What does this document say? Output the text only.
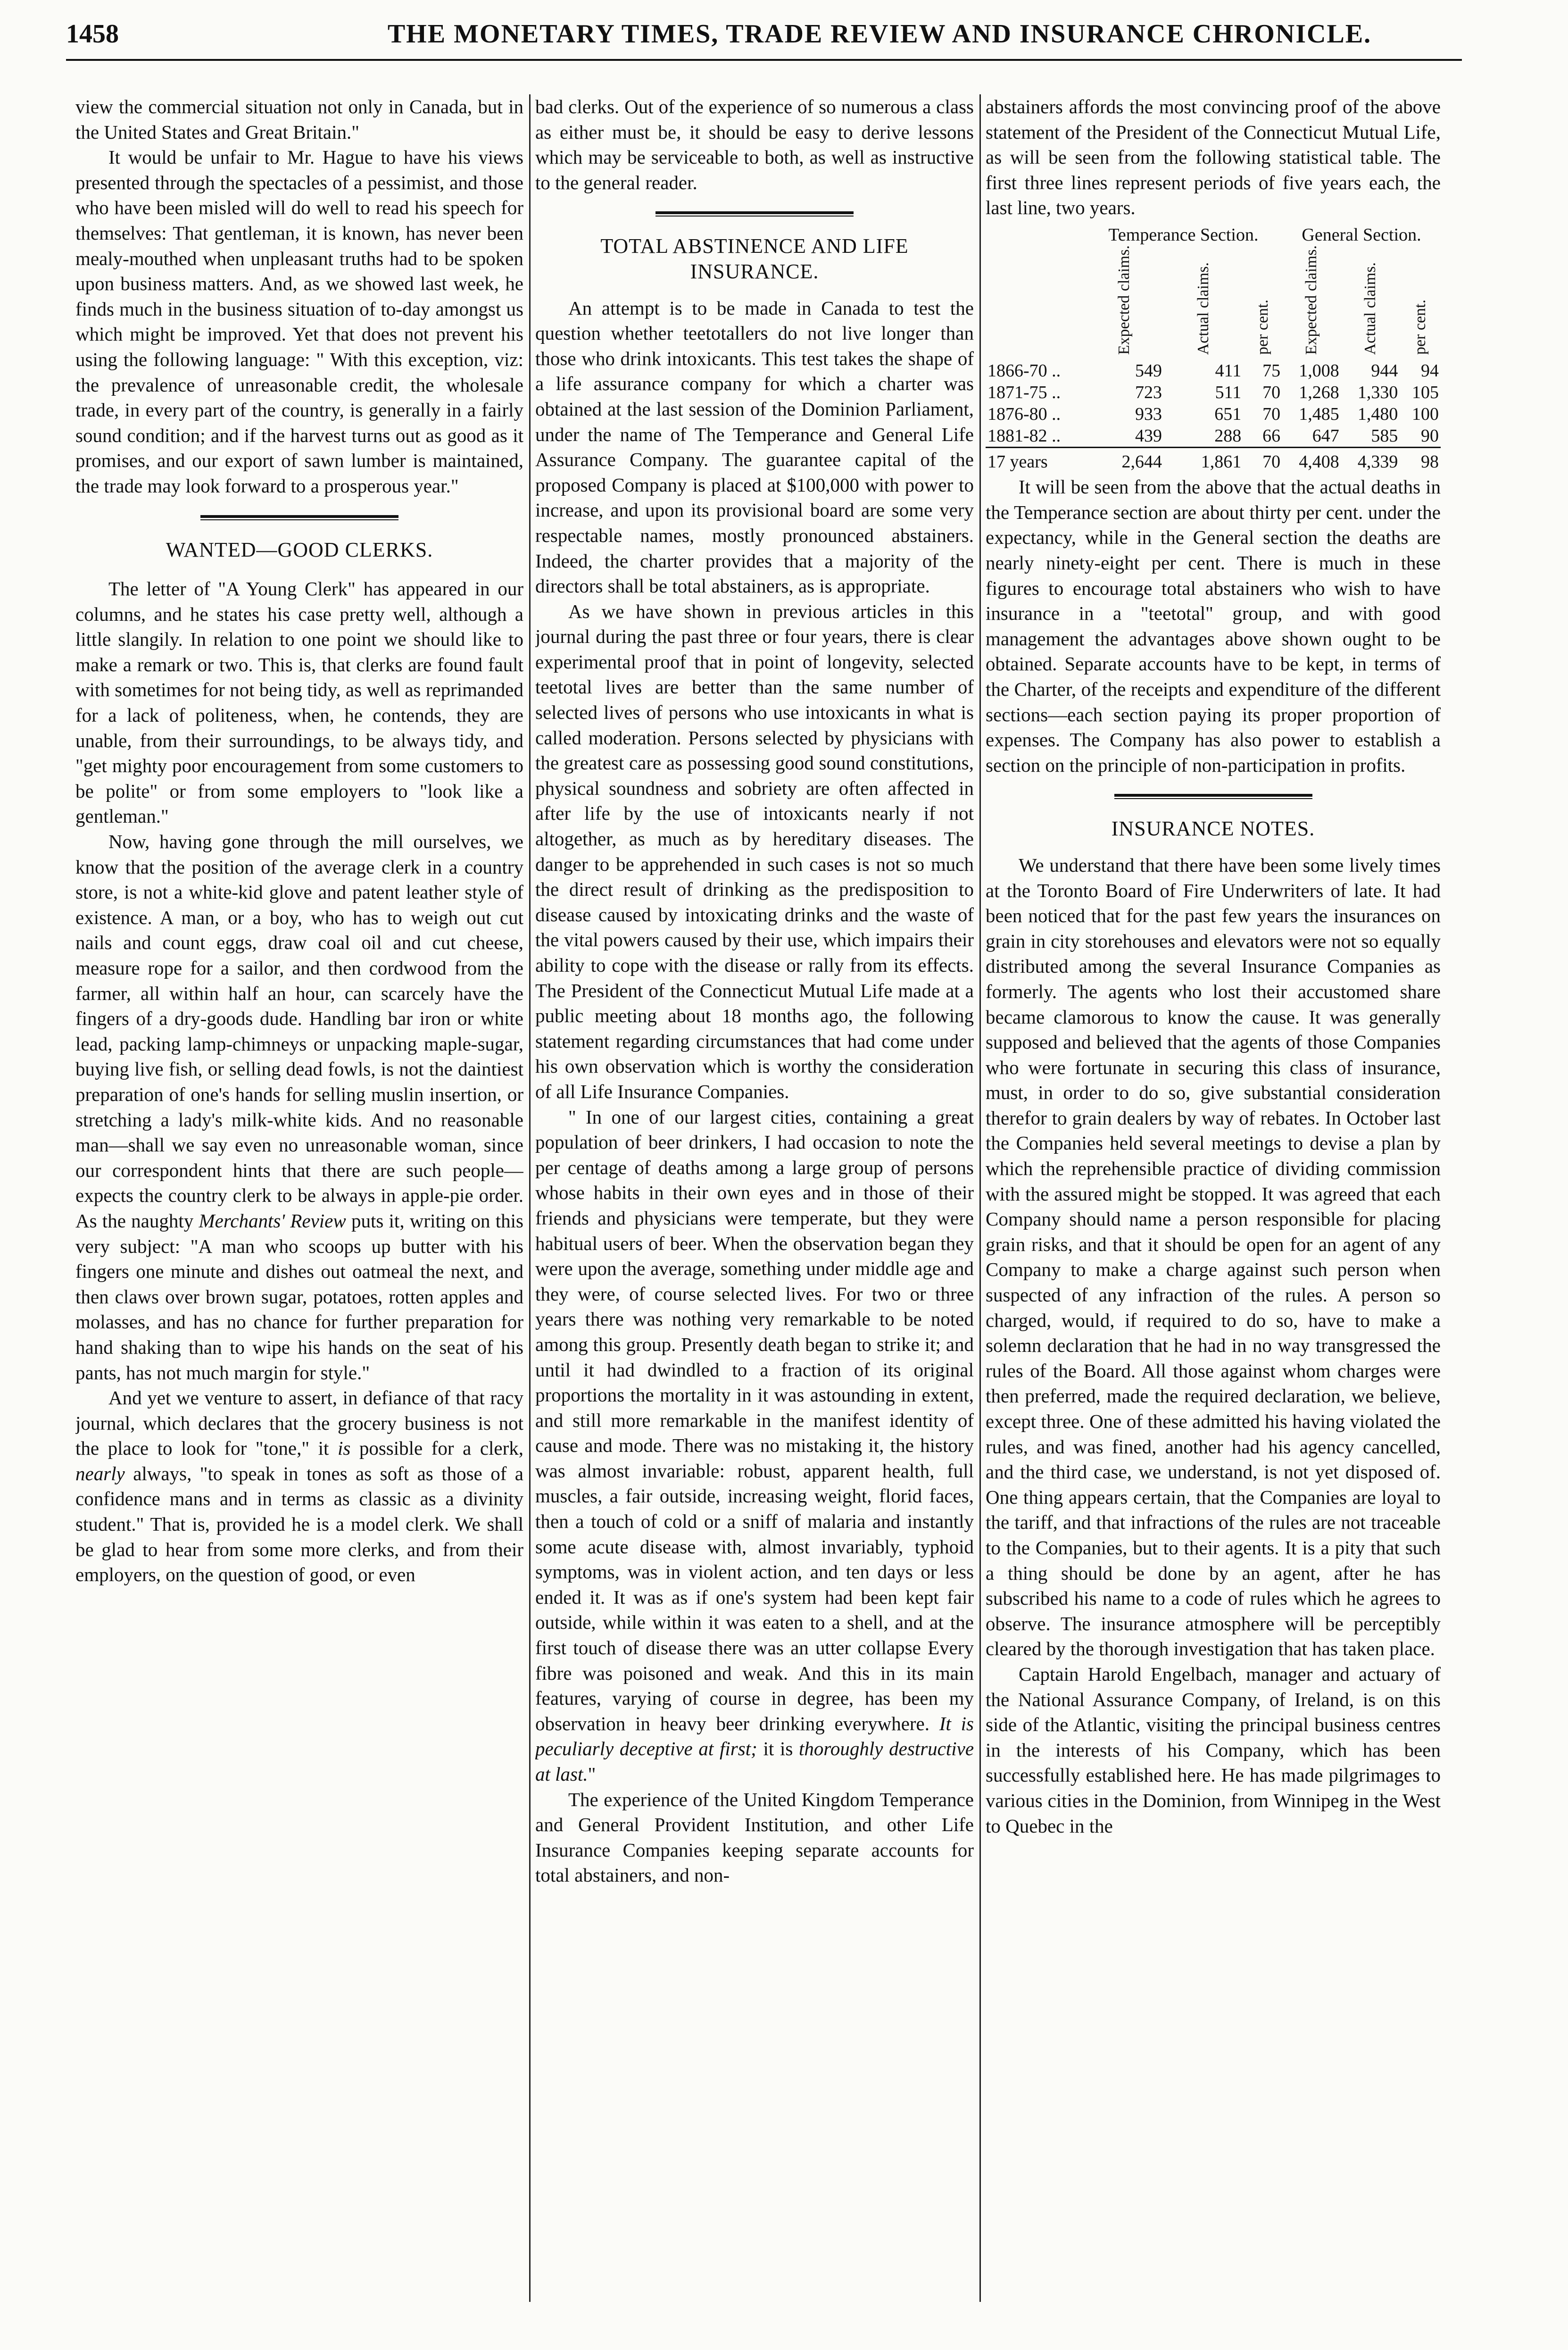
1458	THE MONETARY TIMES, TRADE REVIEW AND INSURANCE CHRONICLE.

view the commercial situation not only in Canada, but in the United States and Great Britain."

It would be unfair to Mr. Hague to have his views presented through the spectacles of a pessimist, and those who have been misled will do well to read his speech for themselves: That gentleman, it is known, has never been mealy-mouthed when unpleasant truths had to be spoken upon business matters. And, as we showed last week, he finds much in the business situation of to-day amongst us which might be improved. Yet that does not prevent his using the following language: " With this exception, viz: the prevalence of unreasonable credit, the wholesale trade, in every part of the country, is generally in a fairly sound condition; and if the harvest turns out as good as it promises, and our export of sawn lumber is maintained, the trade may look forward to a prosperous year."

WANTED—GOOD CLERKS.

The letter of "A Young Clerk" has appeared in our columns, and he states his case pretty well, although a little slangily. In relation to one point we should like to make a remark or two. This is, that clerks are found fault with sometimes for not being tidy, as well as reprimanded for a lack of politeness, when, he contends, they are unable, from their surroundings, to be always tidy, and "get mighty poor encouragement from some customers to be polite" or from some employers to "look like a gentleman."

Now, having gone through the mill ourselves, we know that the position of the average clerk in a country store, is not a white-kid glove and patent leather style of existence. A man, or a boy, who has to weigh out cut nails and count eggs, draw coal oil and cut cheese, measure rope for a sailor, and then cordwood from the farmer, all within half an hour, can scarcely have the fingers of a dry-goods dude. Handling bar iron or white lead, packing lamp-chimneys or unpacking maple-sugar, buying live fish, or selling dead fowls, is not the daintiest preparation of one's hands for selling muslin insertion, or stretching a lady's milk-white kids. And no reasonable man—shall we say even no unreasonable woman, since our correspondent hints that there are such people—expects the country clerk to be always in apple-pie order. As the naughty Merchants' Review puts it, writing on this very subject: "A man who scoops up butter with his fingers one minute and dishes out oatmeal the next, and then claws over brown sugar, potatoes, rotten apples and molasses, and has no chance for further preparation for hand shaking than to wipe his hands on the seat of his pants, has not much margin for style."

And yet we venture to assert, in defiance of that racy journal, which declares that the grocery business is not the place to look for "tone," it is possible for a clerk, nearly always, "to speak in tones as soft as those of a confidence mans and in terms as classic as a divinity student." That is, provided he is a model clerk. We shall be glad to hear from some more clerks, and from their employers, on the question of good, or even

bad clerks. Out of the experience of so numerous a class as either must be, it should be easy to derive lessons which may be serviceable to both, as well as instructive to the general reader.

TOTAL ABSTINENCE AND LIFE INSURANCE.

An attempt is to be made in Canada to test the question whether teetotallers do not live longer than those who drink intoxicants. This test takes the shape of a life assurance company for which a charter was obtained at the last session of the Dominion Parliament, under the name of The Temperance and General Life Assurance Company. The guarantee capital of the proposed Company is placed at $100,000 with power to increase, and upon its provisional board are some very respectable names, mostly pronounced abstainers. Indeed, the charter provides that a majority of the directors shall be total abstainers, as is appropriate.

As we have shown in previous articles in this journal during the past three or four years, there is clear experimental proof that in point of longevity, selected teetotal lives are better than the same number of selected lives of persons who use intoxicants in what is called moderation. Persons selected by physicians with the greatest care as possessing good sound constitutions, physical soundness and sobriety are often affected in after life by the use of intoxicants nearly if not altogether, as much as by hereditary diseases. The danger to be apprehended in such cases is not so much the direct result of drinking as the predisposition to disease caused by intoxicating drinks and the waste of the vital powers caused by their use, which impairs their ability to cope with the disease or rally from its effects. The President of the Connecticut Mutual Life made at a public meeting about 18 months ago, the following statement regarding circumstances that had come under his own observation which is worthy the consideration of all Life Insurance Companies.

" In one of our largest cities, containing a great population of beer drinkers, I had occasion to note the per centage of deaths among a large group of persons whose habits in their own eyes and in those of their friends and physicians were temperate, but they were habitual users of beer. When the observation began they were upon the average, something under middle age and they were, of course selected lives. For two or three years there was nothing very remarkable to be noted among this group. Presently death began to strike it; and until it had dwindled to a fraction of its original proportions the mortality in it was astounding in extent, and still more remarkable in the manifest identity of cause and mode. There was no mistaking it, the history was almost invariable: robust, apparent health, full muscles, a fair outside, increasing weight, florid faces, then a touch of cold or a sniff of malaria and instantly some acute disease with, almost invariably, typhoid symptoms, was in violent action, and ten days or less ended it. It was as if one's system had been kept fair outside, while within it was eaten to a shell, and at the first touch of disease there was an utter collapse Every fibre was poisoned and weak. And this in its main features, varying of course in degree, has been my observation in heavy beer drinking everywhere. It is peculiarly deceptive at first; it is thoroughly destructive at last."

The experience of the United Kingdom Temperance and General Provident Institution, and other Life Insurance Companies keeping separate accounts for total abstainers, and non-

abstainers affords the most convincing proof of the above statement of the President of the Connecticut Mutual Life, as will be seen from the following statistical table. The first three lines represent periods of five years each, the last line, two years.

	Temperance Section.			General Section.		
	Expected claims.	Actual claims.	per cent.	Expected claims.	Actual claims.	per cent.
1866-70 ..	549	411	75	1,008	944	94
1871-75 ..	723	511	70	1,268	1,330	105
1876-80 ..	933	651	70	1,485	1,480	100
1881-82 ..	439	288	66	647	585	90
17 years	2,644	1,861	70	4,408	4,339	98

It will be seen from the above that the actual deaths in the Temperance section are about thirty per cent. under the expectancy, while in the General section the deaths are nearly ninety-eight per cent. There is much in these figures to encourage total abstainers who wish to have insurance in a "teetotal" group, and with good management the advantages above shown ought to be obtained. Separate accounts have to be kept, in terms of the Charter, of the receipts and expenditure of the different sections—each section paying its proper proportion of expenses. The Company has also power to establish a section on the principle of non-participation in profits.

INSURANCE NOTES.

We understand that there have been some lively times at the Toronto Board of Fire Underwriters of late. It had been noticed that for the past few years the insurances on grain in city storehouses and elevators were not so equally distributed among the several Insurance Companies as formerly. The agents who lost their accustomed share became clamorous to know the cause. It was generally supposed and believed that the agents of those Companies who were fortunate in securing this class of insurance, must, in order to do so, give substantial consideration therefor to grain dealers by way of rebates. In October last the Companies held several meetings to devise a plan by which the reprehensible practice of dividing commission with the assured might be stopped. It was agreed that each Company should name a person responsible for placing grain risks, and that it should be open for an agent of any Company to make a charge against such person when suspected of any infraction of the rules. A person so charged, would, if required to do so, have to make a solemn declaration that he had in no way transgressed the rules of the Board. All those against whom charges were then preferred, made the required declaration, we believe, except three. One of these admitted his having violated the rules, and was fined, another had his agency cancelled, and the third case, we understand, is not yet disposed of. One thing appears certain, that the Companies are loyal to the tariff, and that infractions of the rules are not traceable to the Companies, but to their agents. It is a pity that such a thing should be done by an agent, after he has subscribed his name to a code of rules which he agrees to observe. The insurance atmosphere will be perceptibly cleared by the thorough investigation that has taken place.

Captain Harold Engelbach, manager and actuary of the National Assurance Company, of Ireland, is on this side of the Atlantic, visiting the principal business centres in the interests of his Company, which has been successfully established here. He has made pilgrimages to various cities in the Dominion, from Winnipeg in the West to Quebec in the
